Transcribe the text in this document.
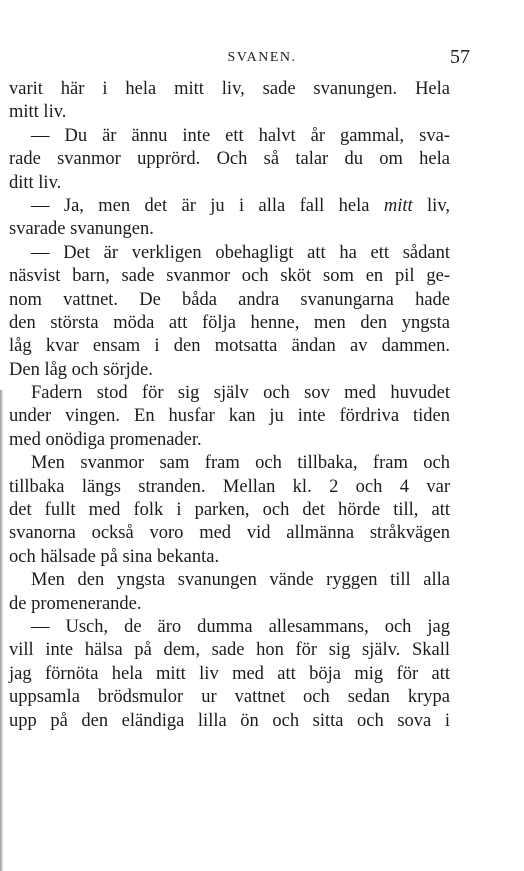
SVANEN.	57
varit här i hela mitt liv, sade svanungen. Hela
mitt liv.
— Du är ännu inte ett halvt år gammal, sva-
rade svanmor upprörd. Och så talar du om hela
ditt liv.
— Ja, men det är ju i alla fall hela mitt liv,
svarade svanungen.
— Det är verkligen obehagligt att ha ett sådant
näsvist barn, sade svanmor och sköt som en pil ge-
nom vattnet. De båda andra svanungarna hade
den största möda att följa henne, men den yngsta
låg kvar ensam i den motsatta ändan av dammen.
Den låg och sörjde.
Fadern stod för sig själv och sov med huvudet
under vingen. En husfar kan ju inte fördriva tiden
med onödiga promenader.
Men svanmor sam fram och tillbaka, fram och
tillbaka längs stranden. Mellan kl. 2 och 4 var
det fullt med folk i parken, och det hörde till, att
svanorna också voro med vid allmänna stråkvägen
och hälsade på sina bekanta.
Men den yngsta svanungen vände ryggen till alla
de promenerande.
— Usch, de äro dumma allesammans, och jag
vill inte hälsa på dem, sade hon för sig själv. Skall
jag förnöta hela mitt liv med att böja mig för att
uppsamla brödsmulor ur vattnet och sedan krypa
upp på den eländiga lilla ön och sitta och sova i
